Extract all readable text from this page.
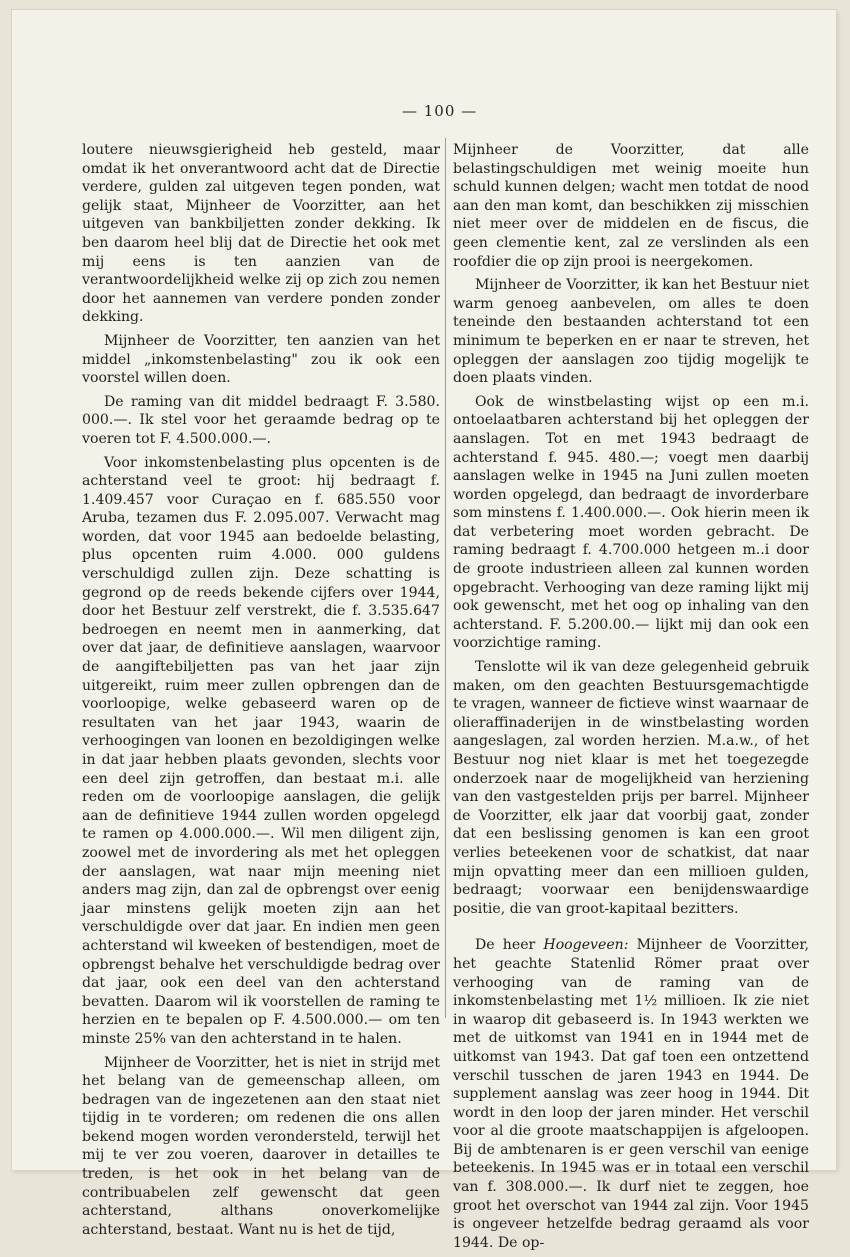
— 100 —

loutere nieuwsgierigheid heb gesteld, maar omdat ik het onverantwoord acht dat de Directie verdere, gulden zal uitgeven tegen ponden, wat gelijk staat, Mijnheer de Voorzitter, aan het uitgeven van bankbiljetten zonder dekking. Ik ben daarom heel blij dat de Directie het ook met mij eens is ten aanzien van de verantwoordelijkheid welke zij op zich zou nemen door het aannemen van verdere ponden zonder dekking.

Mijnheer de Voorzitter, ten aanzien van het middel „inkomstenbelasting" zou ik ook een voorstel willen doen.

De raming van dit middel bedraagt F. 3.580. 000.—. Ik stel voor het geraamde bedrag op te voeren tot F. 4.500.000.—.

Voor inkomstenbelasting plus opcenten is de achterstand veel te groot: hij bedraagt f. 1.409.457 voor Curaçao en f. 685.550 voor Aruba, tezamen dus F. 2.095.007. Verwacht mag worden, dat voor 1945 aan bedoelde belasting, plus opcenten ruim 4.000. 000 guldens verschuldigd zullen zijn. Deze schatting is gegrond op de reeds bekende cijfers over 1944, door het Bestuur zelf verstrekt, die f. 3.535.647 bedroegen en neemt men in aanmerking, dat over dat jaar, de definitieve aanslagen, waarvoor de aangiftebiljetten pas van het jaar zijn uitgereikt, ruim meer zullen opbrengen dan de voorloopige, welke gebaseerd waren op de resultaten van het jaar 1943, waarin de verhoogingen van loonen en bezoldigingen welke in dat jaar hebben plaats gevonden, slechts voor een deel zijn getroffen, dan bestaat m.i. alle reden om de voorloopige aanslagen, die gelijk aan de definitieve 1944 zullen worden opgelegd te ramen op 4.000.000.—. Wil men diligent zijn, zoowel met de invordering als met het opleggen der aanslagen, wat naar mijn meening niet anders mag zijn, dan zal de opbrengst over eenig jaar minstens gelijk moeten zijn aan het verschuldigde over dat jaar. En indien men geen achterstand wil kweeken of bestendigen, moet de opbrengst behalve het verschuldigde bedrag over dat jaar, ook een deel van den achterstand bevatten. Daarom wil ik voorstellen de raming te herzien en te bepalen op F. 4.500.000.— om ten minste 25% van den achterstand in te halen.

Mijnheer de Voorzitter, het is niet in strijd met het belang van de gemeenschap alleen, om bedragen van de ingezetenen aan den staat niet tijdig in te vorderen; om redenen die ons allen bekend mogen worden verondersteld, terwijl het mij te ver zou voeren, daarover in detailles te treden, is het ook in het belang van de contribuabelen zelf gewenscht dat geen achterstand, althans onoverkomelijke achterstand, bestaat. Want nu is het de tijd,

Mijnheer de Voorzitter, dat alle belastingschuldigen met weinig moeite hun schuld kunnen delgen; wacht men totdat de nood aan den man komt, dan beschikken zij misschien niet meer over de middelen en de fiscus, die geen clementie kent, zal ze verslinden als een roofdier die op zijn prooi is neergekomen.

Mijnheer de Voorzitter, ik kan het Bestuur niet warm genoeg aanbevelen, om alles te doen teneinde den bestaanden achterstand tot een minimum te beperken en er naar te streven, het opleggen der aanslagen zoo tijdig mogelijk te doen plaats vinden.

Ook de winstbelasting wijst op een m.i. ontoelaatbaren achterstand bij het opleggen der aanslagen. Tot en met 1943 bedraagt de achterstand f. 945. 480.—; voegt men daarbij aanslagen welke in 1945 na Juni zullen moeten worden opgelegd, dan bedraagt de invorderbare som minstens f. 1.400.000.—. Ook hierin meen ik dat verbetering moet worden gebracht. De raming bedraagt f. 4.700.000 hetgeen m..i door de groote industrieen alleen zal kunnen worden opgebracht. Verhooging van deze raming lijkt mij ook gewenscht, met het oog op inhaling van den achterstand. F. 5.200.00.— lijkt mij dan ook een voorzichtige raming.

Tenslotte wil ik van deze gelegenheid gebruik maken, om den geachten Bestuursgemachtigde te vragen, wanneer de fictieve winst waarnaar de olieraffinaderijen in de winstbelasting worden aangeslagen, zal worden herzien. M.a.w., of het Bestuur nog niet klaar is met het toegezegde onderzoek naar de mogelijkheid van herziening van den vastgestelden prijs per barrel. Mijnheer de Voorzitter, elk jaar dat voorbij gaat, zonder dat een beslissing genomen is kan een groot verlies beteekenen voor de schatkist, dat naar mijn opvatting meer dan een millioen gulden, bedraagt; voorwaar een benijdenswaardige positie, die van groot-kapitaal bezitters.

De heer Hoogeveen: Mijnheer de Voorzitter, het geachte Statenlid Römer praat over verhooging van de raming van de inkomstenbelasting met 1½ millioen. Ik zie niet in waarop dit gebaseerd is. In 1943 werkten we met de uitkomst van 1941 en in 1944 met de uitkomst van 1943. Dat gaf toen een ontzettend verschil tusschen de jaren 1943 en 1944. De supplement aanslag was zeer hoog in 1944. Dit wordt in den loop der jaren minder. Het verschil voor al die groote maatschappijen is afgeloopen. Bij de ambtenaren is er geen verschil van eenige beteekenis. In 1945 was er in totaal een verschil van f. 308.000.—. Ik durf niet te zeggen, hoe groot het overschot van 1944 zal zijn. Voor 1945 is ongeveer hetzelfde bedrag geraamd als voor 1944. De op-
